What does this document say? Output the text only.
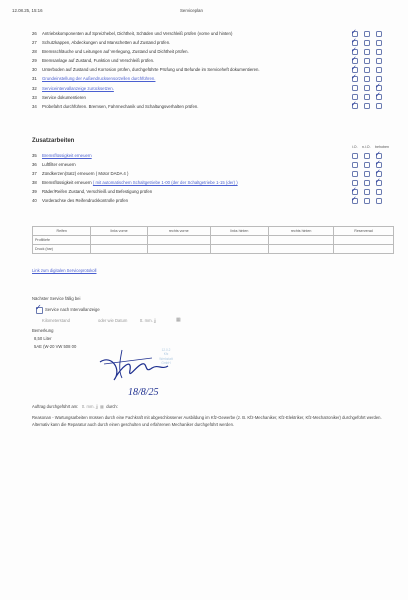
12.08.25, 15:16	Serviceplan
26 Antriebskomponenten auf Spreizhebel, Dichtheit, Schäden und Verschleiß prüfen (vorne und hinten)	✓
27 Schutzkappen, Abdeckungen und Manschetten auf Zustand prüfen.	✓
28 Bremsschläuche und Leitungen auf Verlegung, Zustand und Dichtheit prüfen.	✓
29 Bremsanlage auf Zustand, Funktion und Verschleiß prüfen.	✓
30 Unterboden auf Zustand und Korrosion prüfen, durchgeführte Prüfung und Befunde im Serviceheft dokumentieren.	✓
31 Grundeinstellung der Außendrucksensorzellen durchführen.	✓
32 Serviceintervallanzeige zurücksetzen.	✓
33 Service dokumentieren	✓
34 Probefahrt durchführen. Bremsen, Fahrmechanik und Schaltungsverhalten prüfen.	✓
Zusatzarbeiten
i.O. n.i.O. behoben
35 Bremsflüssigkeit erneuern	✓
36 Luftfilter erneuern	✓
37 Zündkerzen(Satz) erneuern ( Motor DADA 4 )	✓
38 Bremsflüssigkeit erneuern ( mit automatischem Schaltgetriebe 1-00 (der der Schaltgetriebe 1-15 (der) )	✓
39 Räder/Reifen Zustand, Verschleiß und Befestigung prüfen	✓
40 Vorderachse des Reifendruckkontrolle prüfen	✓
Reifen	links vorne	rechts vorne	links hinten	rechts hinten	Reserverad
Profiltiefe					
Druck (bar)					
Link zum digitalen Serviceprotokoll
Nächster Service fällig bei
✓ Service nach Intervallanzeige
Kilometerstand	oder wie Datum	tt. mm. jj	▦
Bemerkung
8,50 Liter
5AE (W-20 VW 508 00
12.0.2
Kfz
Werkstatt
GmbH
18/8/25
Auftrag durchgeführt am: tt. mm. jj ▦ durch:
Reasonan - Wartungsarbeiten müssen durch eine Fachkraft mit abgeschlossener Ausbildung im Kfz-Gewerbe (z. B. Kfz-Mechaniker, Kfz-Elektriker, Kfz-Mechatroniker) durchgeführt werden. Alternativ kann die Reparatur auch durch einen geschulten und erfahrenen Mechaniker durchgeführt werden.
